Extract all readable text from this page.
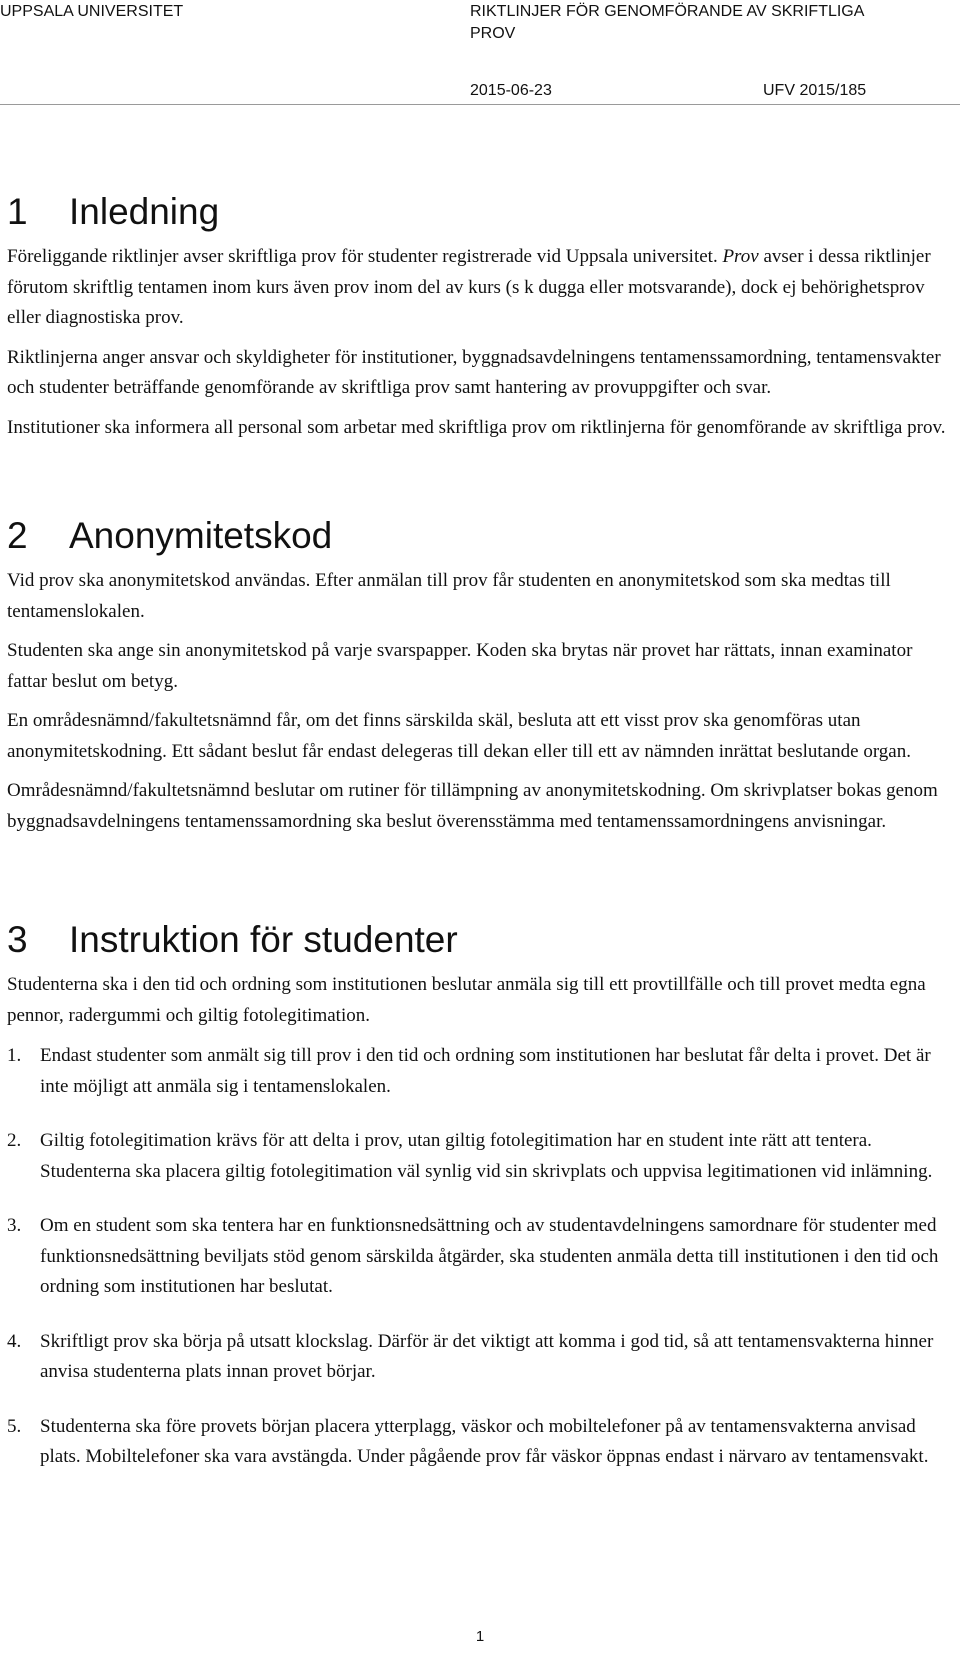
UPPSALA UNIVERSITET	RIKTLINJER FÖR GENOMFÖRANDE AV SKRIFTLIGA PROV
2015-06-23	UFV 2015/185
1 Inledning

Föreliggande riktlinjer avser skriftliga prov för studenter registrerade vid Uppsala universitet. Prov avser i dessa riktlinjer förutom skriftlig tentamen inom kurs även prov inom del av kurs (s k dugga eller motsvarande), dock ej behörighetsprov eller diagnostiska prov.

Riktlinjerna anger ansvar och skyldigheter för institutioner, byggnadsavdelningens tentamenssamordning, tentamensvakter och studenter beträffande genomförande av skriftliga prov samt hantering av provuppgifter och svar.

Institutioner ska informera all personal som arbetar med skriftliga prov om riktlinjerna för genomförande av skriftliga prov.

2 Anonymitetskod

Vid prov ska anonymitetskod användas. Efter anmälan till prov får studenten en anonymitetskod som ska medtas till tentamenslokalen.

Studenten ska ange sin anonymitetskod på varje svarspapper. Koden ska brytas när provet har rättats, innan examinator fattar beslut om betyg.

En områdesnämnd/fakultetsnämnd får, om det finns särskilda skäl, besluta att ett visst prov ska genomföras utan anonymitetskodning. Ett sådant beslut får endast delegeras till dekan eller till ett av nämnden inrättat beslutande organ.

Områdesnämnd/fakultetsnämnd beslutar om rutiner för tillämpning av anonymitetskodning. Om skrivplatser bokas genom byggnadsavdelningens tentamenssamordning ska beslut överensstämma med tentamenssamordningens anvisningar.

3 Instruktion för studenter

Studenterna ska i den tid och ordning som institutionen beslutar anmäla sig till ett provtillfälle och till provet medta egna pennor, radergummi och giltig fotolegitimation.

1. Endast studenter som anmält sig till prov i den tid och ordning som institutionen har beslutat får delta i provet. Det är inte möjligt att anmäla sig i tentamenslokalen.
2. Giltig fotolegitimation krävs för att delta i prov, utan giltig fotolegitimation har en student inte rätt att tentera. Studenterna ska placera giltig fotolegitimation väl synlig vid sin skrivplats och uppvisa legitimationen vid inlämning.
3. Om en student som ska tentera har en funktionsnedsättning och av studentavdelningens samordnare för studenter med funktionsnedsättning beviljats stöd genom särskilda åtgärder, ska studenten anmäla detta till institutionen i den tid och ordning som institutionen har beslutat.
4. Skriftligt prov ska börja på utsatt klockslag. Därför är det viktigt att komma i god tid, så att tentamensvakterna hinner anvisa studenterna plats innan provet börjar.
5. Studenterna ska före provets början placera ytterplagg, väskor och mobiltelefoner på av tentamensvakterna anvisad plats. Mobiltelefoner ska vara avstängda. Under pågående prov får väskor öppnas endast i närvaro av tentamensvakt.
1
